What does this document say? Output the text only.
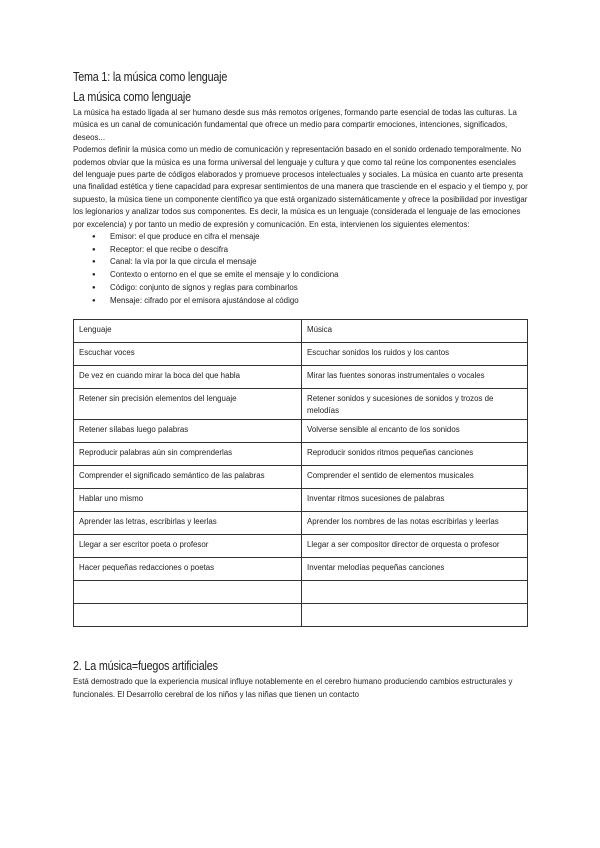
Tema 1: la música como lenguaje
La música como lenguaje

La música ha estado ligada al ser humano desde sus más remotos orígenes, formando parte esencial de todas las culturas. La música es un canal de comunicación fundamental que ofrece un medio para compartir emociones, intenciones, significados, deseos...

Podemos definir la música como un medio de comunicación y representación basado en el sonido ordenado temporalmente. No podemos obviar que la música es una forma universal del lenguaje y cultura y que como tal reúne los componentes esenciales del lenguaje pues parte de códigos elaborados y promueve procesos intelectuales y sociales. La música en cuanto arte presenta una finalidad estética y tiene capacidad para expresar sentimientos de una manera que trasciende en el espacio y el tiempo y, por supuesto, la música tiene un componente científico ya que está organizado sistemáticamente y ofrece la posibilidad por investigar los legionarios y analizar todos sus componentes. Es decir, la música es un lenguaje (considerada el lenguaje de las emociones por excelencia) y por tanto un medio de expresión y comunicación. En esta, intervienen los siguientes elementos:

● Emisor: el que produce en cifra el mensaje
● Receptor: el que recibe o descifra
● Canal: la vía por la que circula el mensaje
● Contexto o entorno en el que se emite el mensaje y lo condiciona
● Código: conjunto de signos y reglas para combinarlos
● Mensaje: cifrado por el emisora ajustándose al código
Lenguaje	Música
Escuchar voces	Escuchar sonidos los ruidos y los cantos
De vez en cuando mirar la boca del que habla	Mirar las fuentes sonoras instrumentales o vocales
Retener sin precisión elementos del lenguaje	Retener sonidos y sucesiones de sonidos y trozos de melodías
Retener sílabas luego palabras	Volverse sensible al encanto de los sonidos
Reproducir palabras aún sin comprenderlas	Reproducir sonidos ritmos pequeñas canciones
Comprender el significado semántico de las palabras	Comprender el sentido de elementos musicales
Hablar uno mismo	Inventar ritmos sucesiones de palabras
Aprender las letras, escribirlas y leerlas	Aprender los nombres de las notas escribirlas y leerlas
Llegar a ser escritor poeta o profesor	Llegar a ser compositor director de orquesta o profesor
Hacer pequeñas redacciones o poetas	Inventar melodías pequeñas canciones

2. La música=fuegos artificiales

Está demostrado que la experiencia musical influye notablemente en el cerebro humano produciendo cambios estructurales y funcionales. El Desarrollo cerebral de los niños y las niñas que tienen un contacto
